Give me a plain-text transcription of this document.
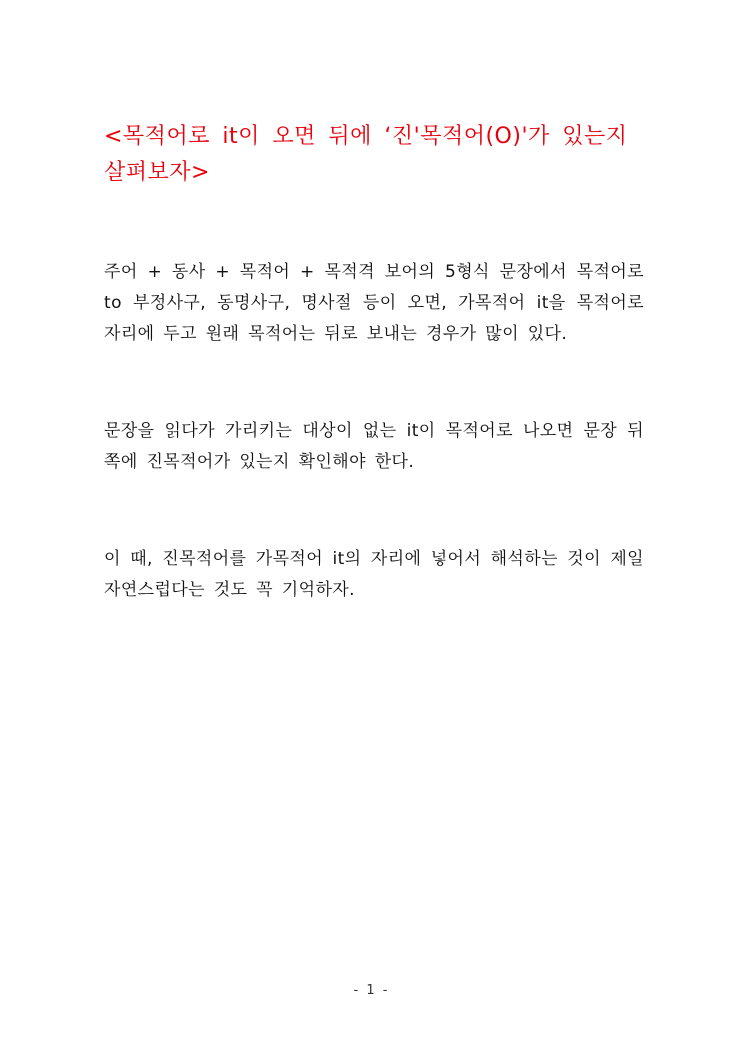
<목적어로 it이 오면 뒤에 ‘진'목적어(O)'가 있는지 살펴보자>

주어 + 동사 + 목적어 + 목적격 보어의 5형식 문장에서 목적어로 to 부정사구, 동명사구, 명사절 등이 오면, 가목적어 it을 목적어로 자리에 두고 원래 목적어는 뒤로 보내는 경우가 많이 있다.

문장을 읽다가 가리키는 대상이 없는 it이 목적어로 나오면 문장 뒤쪽에 진목적어가 있는지 확인해야 한다.

이 때, 진목적어를 가목적어 it의 자리에 넣어서 해석하는 것이 제일 자연스럽다는 것도 꼭 기억하자.

- 1 -
